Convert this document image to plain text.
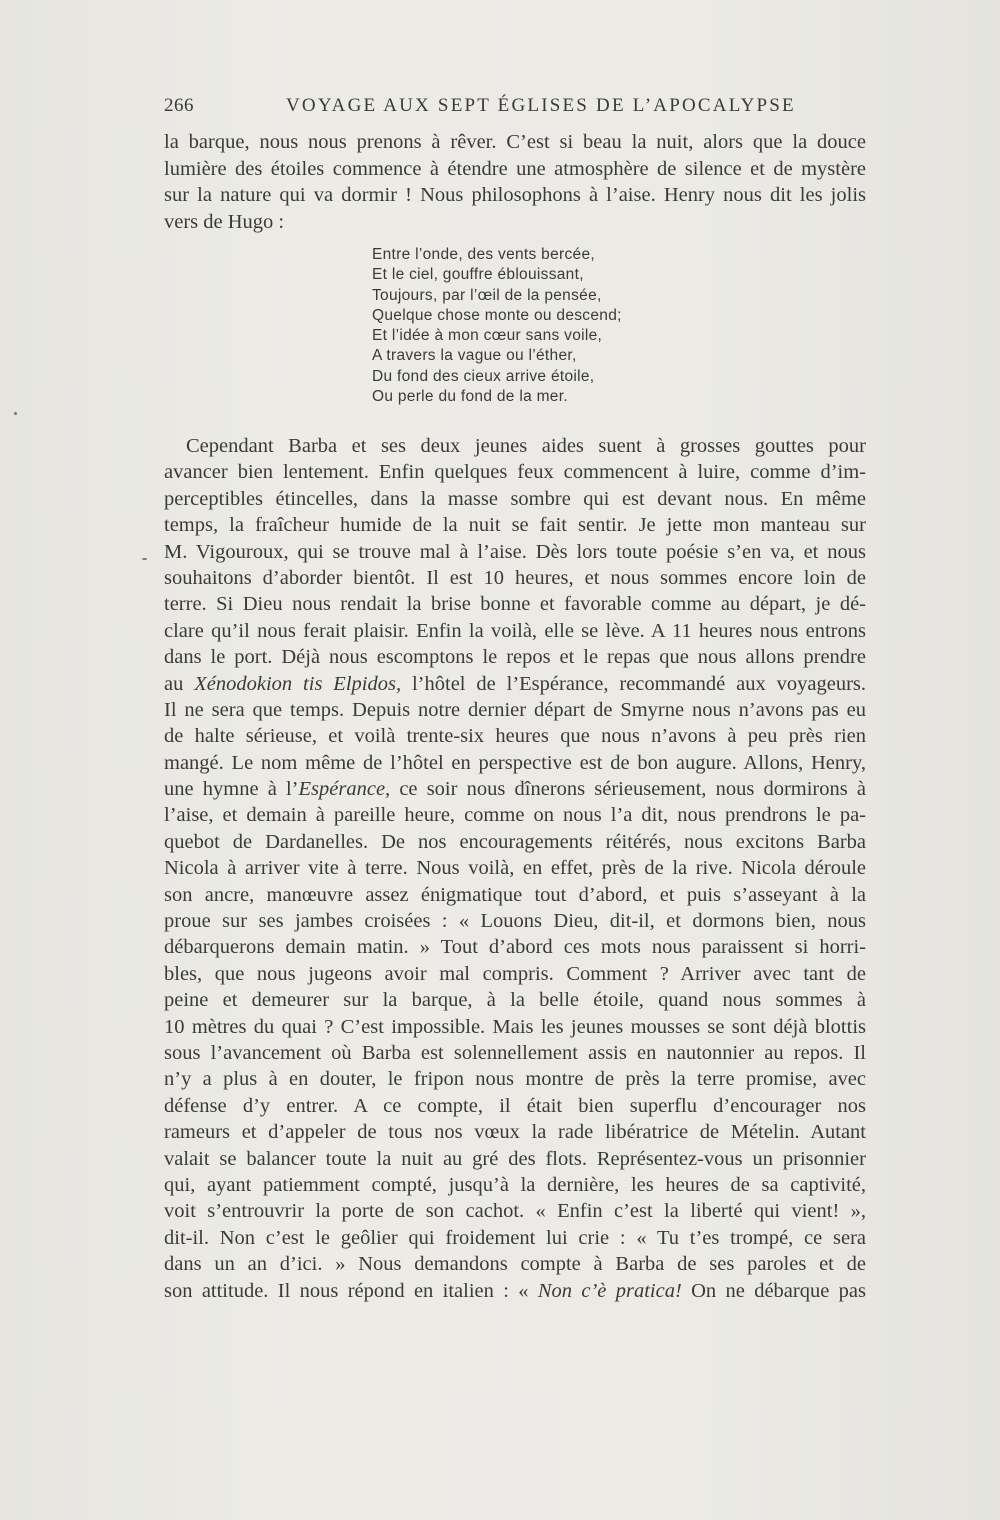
266	VOYAGE AUX SEPT ÉGLISES DE L’APOCALYPSE
la barque, nous nous prenons à rêver. C’est si beau la nuit, alors que la douce
lumière des étoiles commence à étendre une atmosphère de silence et de mystère
sur la nature qui va dormir ! Nous philosophons à l’aise. Henry nous dit les jolis
vers de Hugo :
Entre l’onde, des vents bercée,
Et le ciel, gouffre éblouissant,
Toujours, par l’œil de la pensée,
Quelque chose monte ou descend;
Et l’idée à mon cœur sans voile,
A travers la vague ou l’éther,
Du fond des cieux arrive étoile,
Ou perle du fond de la mer.
Cependant Barba et ses deux jeunes aides suent à grosses gouttes pour
avancer bien lentement. Enfin quelques feux commencent à luire, comme d’im-
perceptibles étincelles, dans la masse sombre qui est devant nous. En même
temps, la fraîcheur humide de la nuit se fait sentir. Je jette mon manteau sur
M. Vigouroux, qui se trouve mal à l’aise. Dès lors toute poésie s’en va, et nous
souhaitons d’aborder bientôt. Il est 10 heures, et nous sommes encore loin de
terre. Si Dieu nous rendait la brise bonne et favorable comme au départ, je dé-
clare qu’il nous ferait plaisir. Enfin la voilà, elle se lève. A 11 heures nous entrons
dans le port. Déjà nous escomptons le repos et le repas que nous allons prendre
au Xénodokion tis Elpidos, l’hôtel de l’Espérance, recommandé aux voyageurs.
Il ne sera que temps. Depuis notre dernier départ de Smyrne nous n’avons pas eu
de halte sérieuse, et voilà trente-six heures que nous n’avons à peu près rien
mangé. Le nom même de l’hôtel en perspective est de bon augure. Allons, Henry,
une hymne à l’Espérance, ce soir nous dînerons sérieusement, nous dormirons à
l’aise, et demain à pareille heure, comme on nous l’a dit, nous prendrons le pa-
quebot de Dardanelles. De nos encouragements réitérés, nous excitons Barba
Nicola à arriver vite à terre. Nous voilà, en effet, près de la rive. Nicola déroule
son ancre, manœuvre assez énigmatique tout d’abord, et puis s’asseyant à la
proue sur ses jambes croisées : « Louons Dieu, dit-il, et dormons bien, nous
débarquerons demain matin. » Tout d’abord ces mots nous paraissent si horri-
bles, que nous jugeons avoir mal compris. Comment ? Arriver avec tant de
peine et demeurer sur la barque, à la belle étoile, quand nous sommes à
10 mètres du quai ? C’est impossible. Mais les jeunes mousses se sont déjà blottis
sous l’avancement où Barba est solennellement assis en nautonnier au repos. Il
n’y a plus à en douter, le fripon nous montre de près la terre promise, avec
défense d’y entrer. A ce compte, il était bien superflu d’encourager nos
rameurs et d’appeler de tous nos vœux la rade libératrice de Mételin. Autant
valait se balancer toute la nuit au gré des flots. Représentez-vous un prisonnier
qui, ayant patiemment compté, jusqu’à la dernière, les heures de sa captivité,
voit s’entrouvrir la porte de son cachot. « Enfin c’est la liberté qui vient! »,
dit-il. Non c’est le geôlier qui froidement lui crie : « Tu t’es trompé, ce sera
dans un an d’ici. » Nous demandons compte à Barba de ses paroles et de
son attitude. Il nous répond en italien : « Non c’è pratica! On ne débarque pas
